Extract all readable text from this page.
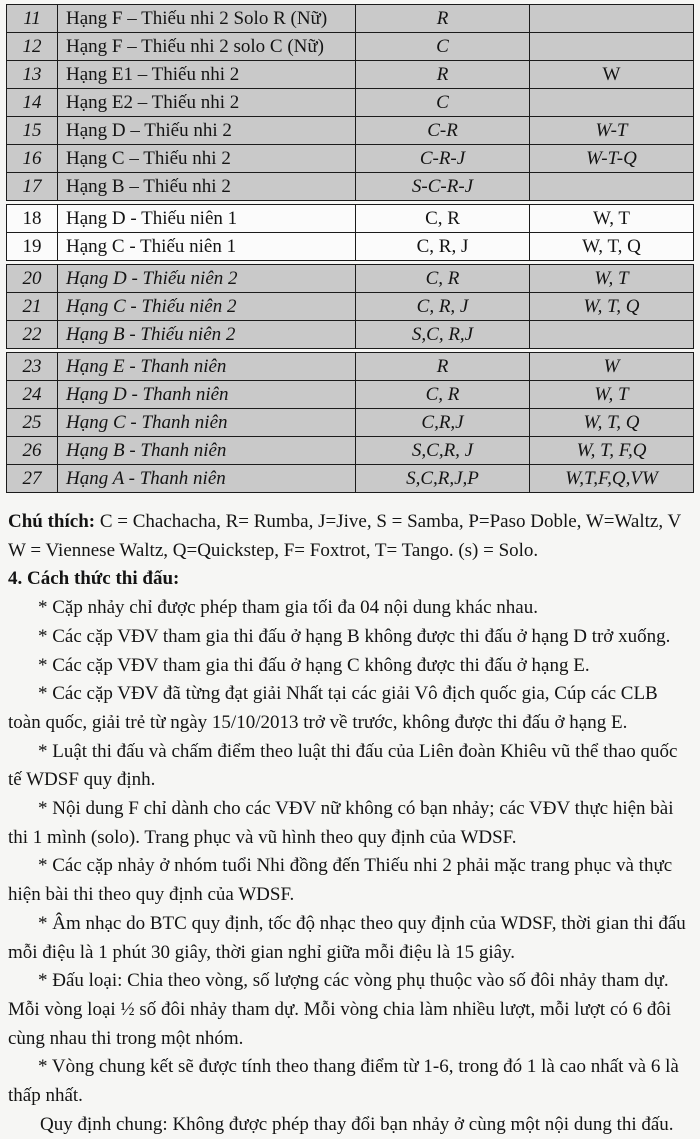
11	Hạng F – Thiếu nhi 2 Solo R (Nữ)	R	
12	Hạng F – Thiếu nhi 2 solo C (Nữ)	C	
13	Hạng E1 – Thiếu nhi 2	R	W
14	Hạng E2 – Thiếu nhi 2	C	
15	Hạng D – Thiếu nhi 2	C-R	W-T
16	Hạng C – Thiếu nhi 2	C-R-J	W-T-Q
17	Hạng B – Thiếu nhi 2	S-C-R-J	

18	Hạng D - Thiếu niên 1	C, R	W, T
19	Hạng C - Thiếu niên 1	C, R, J	W, T, Q

20	Hạng D - Thiếu niên 2	C, R	W, T
21	Hạng C - Thiếu niên 2	C, R, J	W, T, Q
22	Hạng B - Thiếu niên 2	S,C, R,J	

23	Hạng E - Thanh niên	R	W
24	Hạng D - Thanh niên	C, R	W, T
25	Hạng C - Thanh niên	C,R,J	W, T, Q
26	Hạng B - Thanh niên	S,C,R, J	W, T, F,Q
27	Hạng A - Thanh niên	S,C,R,J,P	W,T,F,Q,VW

Chú thích: C = Chachacha, R= Rumba, J=Jive, S = Samba, P=Paso Doble, W=Waltz, V W = Viennese Waltz, Q=Quickstep, F= Foxtrot, T= Tango. (s) = Solo.

4. Cách thức thi đấu:

* Cặp nhảy chỉ được phép tham gia tối đa 04 nội dung khác nhau.

* Các cặp VĐV tham gia thi đấu ở hạng B không được thi đấu ở hạng D trở xuống.

* Các cặp VĐV tham gia thi đấu ở hạng C không được thi đấu ở hạng E.

* Các cặp VĐV đã từng đạt giải Nhất tại các giải Vô địch quốc gia, Cúp các CLB toàn quốc, giải trẻ từ ngày 15/10/2013 trở về trước, không được thi đấu ở hạng E.

* Luật thi đấu và chấm điểm theo luật thi đấu của Liên đoàn Khiêu vũ thể thao quốc tế WDSF quy định.

* Nội dung F chỉ dành cho các VĐV nữ không có bạn nhảy; các VĐV thực hiện bài thi 1 mình (solo). Trang phục và vũ hình theo quy định của WDSF.

* Các cặp nhảy ở nhóm tuổi Nhi đồng đến Thiếu nhi 2 phải mặc trang phục và thực hiện bài thi theo quy định của WDSF.

* Âm nhạc do BTC quy định, tốc độ nhạc theo quy định của WDSF, thời gian thi đấu mỗi điệu là 1 phút 30 giây, thời gian nghỉ giữa mỗi điệu là 15 giây.

* Đấu loại: Chia theo vòng, số lượng các vòng phụ thuộc vào số đôi nhảy tham dự. Mỗi vòng loại ½ số đôi nhảy tham dự. Mỗi vòng chia làm nhiều lượt, mỗi lượt có 6 đôi cùng nhau thi trong một nhóm.

* Vòng chung kết sẽ được tính theo thang điểm từ 1-6, trong đó 1 là cao nhất và 6 là thấp nhất.

Quy định chung: Không được phép thay đổi bạn nhảy ở cùng một nội dung thi đấu.
